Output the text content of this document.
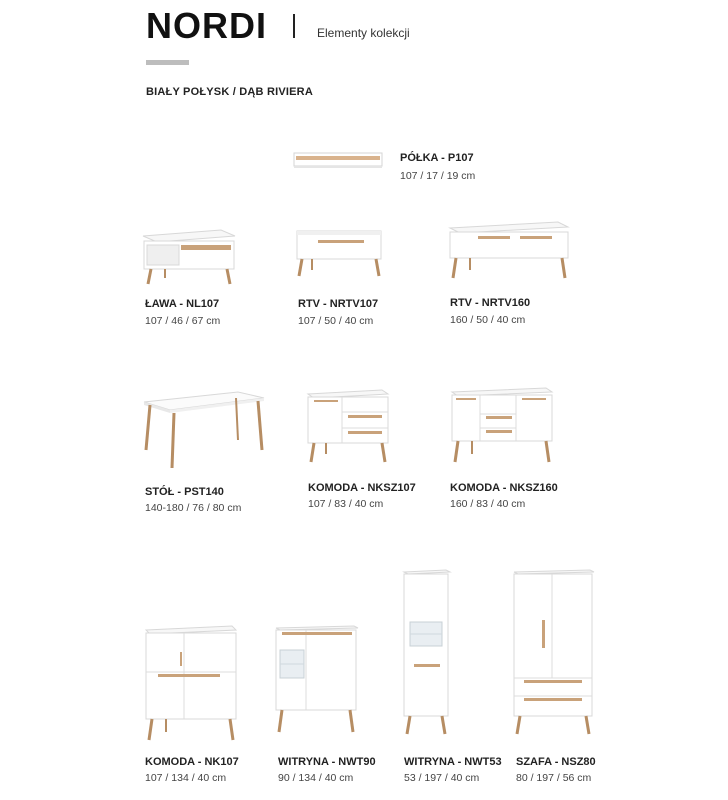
NORDI	Elementy kolekcji
BIAŁY POŁYSK / DĄB RIVIERA
PÓŁKA - P107
107 / 17 / 19 cm
ŁAWA - NL107
107 / 46 / 67 cm
RTV - NRTV107
107 / 50 / 40 cm
RTV - NRTV160
160 / 50 / 40 cm
STÓŁ - PST140
140-180 / 76 / 80 cm
KOMODA - NKSZ107
107 / 83 / 40 cm
KOMODA - NKSZ160
160 / 83 / 40 cm
KOMODA - NK107
107 / 134 / 40 cm
WITRYNA - NWT90
90 / 134 / 40 cm
WITRYNA - NWT53
53 / 197 / 40 cm
SZAFA - NSZ80
80 / 197 / 56 cm
